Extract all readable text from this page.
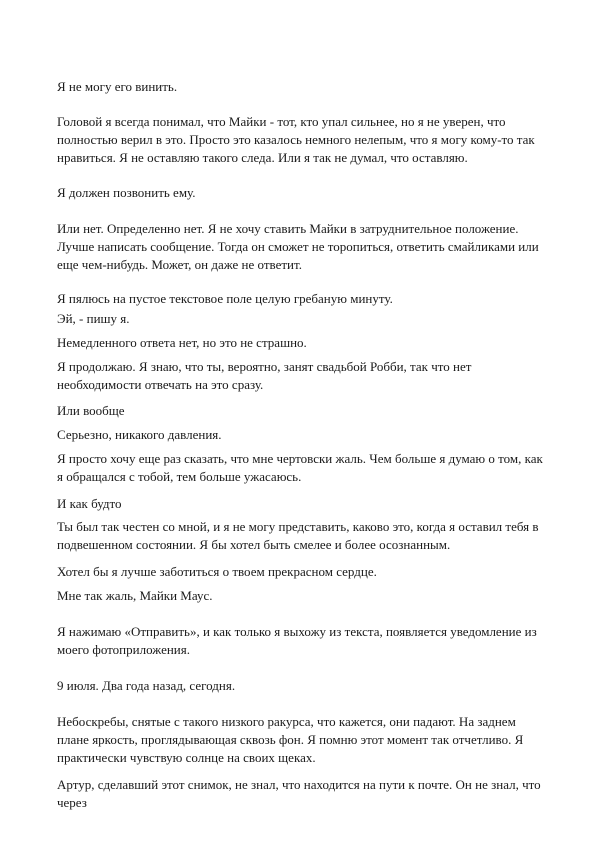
Я не могу его винить.

Головой я всегда понимал, что Майки - тот, кто упал сильнее, но я не уверен, что полностью верил в это. Просто это казалось немного нелепым, что я могу кому-то так нравиться. Я не оставляю такого следа. Или я так не думал, что оставляю.

Я должен позвонить ему.

Или нет. Определенно нет. Я не хочу ставить Майки в затруднительное положение. Лучше написать сообщение. Тогда он сможет не торопиться, ответить смайликами или еще чем-нибудь. Может, он даже не ответит.

Я пялюсь на пустое текстовое поле целую гребаную минуту.

Эй, - пишу я.

Немедленного ответа нет, но это не страшно.

Я продолжаю. Я знаю, что ты, вероятно, занят свадьбой Робби, так что нет необходимости отвечать на это сразу.

Или вообще

Серьезно, никакого давления.

Я просто хочу еще раз сказать, что мне чертовски жаль. Чем больше я думаю о том, как я обращался с тобой, тем больше ужасаюсь.

И как будто

Ты был так честен со мной, и я не могу представить, каково это, когда я оставил тебя в подвешенном состоянии. Я бы хотел быть смелее и более осознанным.

Хотел бы я лучше заботиться о твоем прекрасном сердце.

Мне так жаль, Майки Маус.

Я нажимаю «Отправить», и как только я выхожу из текста, появляется уведомление из моего фотоприложения.

9 июля. Два года назад, сегодня.

Небоскребы, снятые с такого низкого ракурса, что кажется, они падают. На заднем плане яркость, проглядывающая сквозь фон. Я помню этот момент так отчетливо. Я практически чувствую солнце на своих щеках.

Артур, сделавший этот снимок, не знал, что находится на пути к почте. Он не знал, что через
